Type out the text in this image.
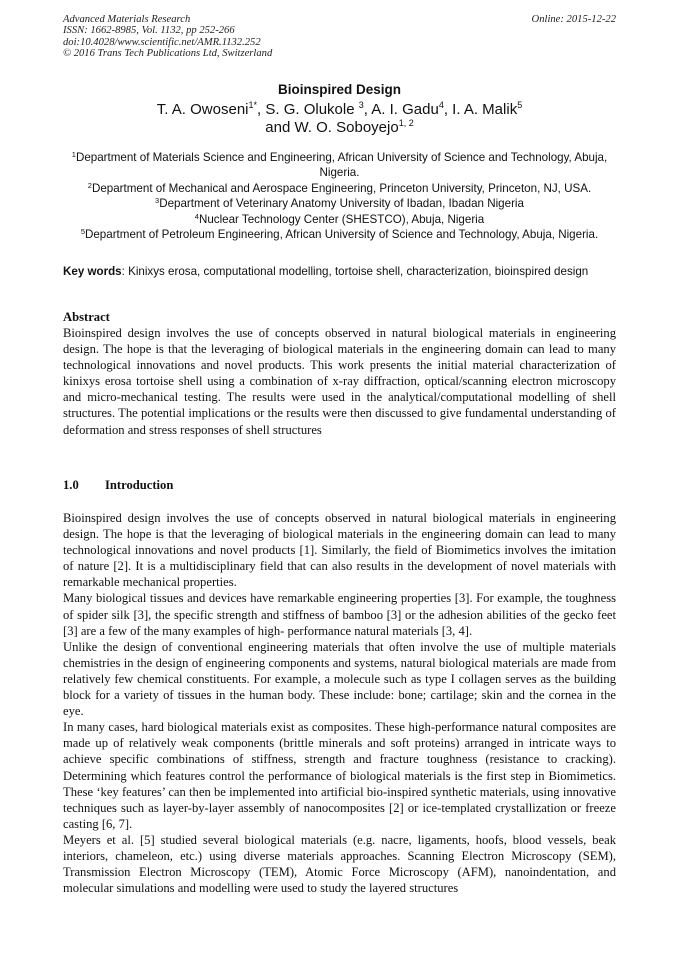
Advanced Materials Research
ISSN: 1662-8985, Vol. 1132, pp 252-266
doi:10.4028/www.scientific.net/AMR.1132.252
© 2016 Trans Tech Publications Ltd, Switzerland
Online: 2015-12-22
Bioinspired Design
T. A. Owoseni$^{1*}$, S. G. Olukole $^3$, A. I. Gadu$^4$, I. A. Malik$^5$
and W. O. Soboyejo$^{1, 2}$
$^1$Department of Materials Science and Engineering, African University of Science and Technology, Abuja, Nigeria.
$^2$Department of Mechanical and Aerospace Engineering, Princeton University, Princeton, NJ, USA.
$^3$Department of Veterinary Anatomy University of Ibadan, Ibadan Nigeria
$^4$Nuclear Technology Center (SHESTCO), Abuja, Nigeria
$^5$Department of Petroleum Engineering, African University of Science and Technology, Abuja, Nigeria.
Key words: Kinixys erosa, computational modelling, tortoise shell, characterization, bioinspired design
Abstract

Bioinspired design involves the use of concepts observed in natural biological materials in engineering design. The hope is that the leveraging of biological materials in the engineering domain can lead to many technological innovations and novel products. This work presents the initial material characterization of kinixys erosa tortoise shell using a combination of x-ray diffraction, optical/scanning electron microscopy and micro-mechanical testing. The results were used in the analytical/computational modelling of shell structures. The potential implications or the results were then discussed to give fundamental understanding of deformation and stress responses of shell structures

1.0 Introduction

Bioinspired design involves the use of concepts observed in natural biological materials in engineering design. The hope is that the leveraging of biological materials in the engineering domain can lead to many technological innovations and novel products [1]. Similarly, the field of Biomimetics involves the imitation of nature [2]. It is a multidisciplinary field that can also results in the development of novel materials with remarkable mechanical properties.

Many biological tissues and devices have remarkable engineering properties [3]. For example, the toughness of spider silk [3], the specific strength and stiffness of bamboo [3] or the adhesion abilities of the gecko feet [3] are a few of the many examples of high- performance natural materials [3, 4].

Unlike the design of conventional engineering materials that often involve the use of multiple materials chemistries in the design of engineering components and systems, natural biological materials are made from relatively few chemical constituents. For example, a molecule such as type I collagen serves as the building block for a variety of tissues in the human body. These include: bone; cartilage; skin and the cornea in the eye.

In many cases, hard biological materials exist as composites. These high-performance natural composites are made up of relatively weak components (brittle minerals and soft proteins) arranged in intricate ways to achieve specific combinations of stiffness, strength and fracture toughness (resistance to cracking). Determining which features control the performance of biological materials is the first step in Biomimetics. These ‘key features’ can then be implemented into artificial bio-inspired synthetic materials, using innovative techniques such as layer-by-layer assembly of nanocomposites [2] or ice-templated crystallization or freeze casting [6, 7].

Meyers et al. [5] studied several biological materials (e.g. nacre, ligaments, hoofs, blood vessels, beak interiors, chameleon, etc.) using diverse materials approaches. Scanning Electron Microscopy (SEM), Transmission Electron Microscopy (TEM), Atomic Force Microscopy (AFM), nanoindentation, and molecular simulations and modelling were used to study the layered structures
